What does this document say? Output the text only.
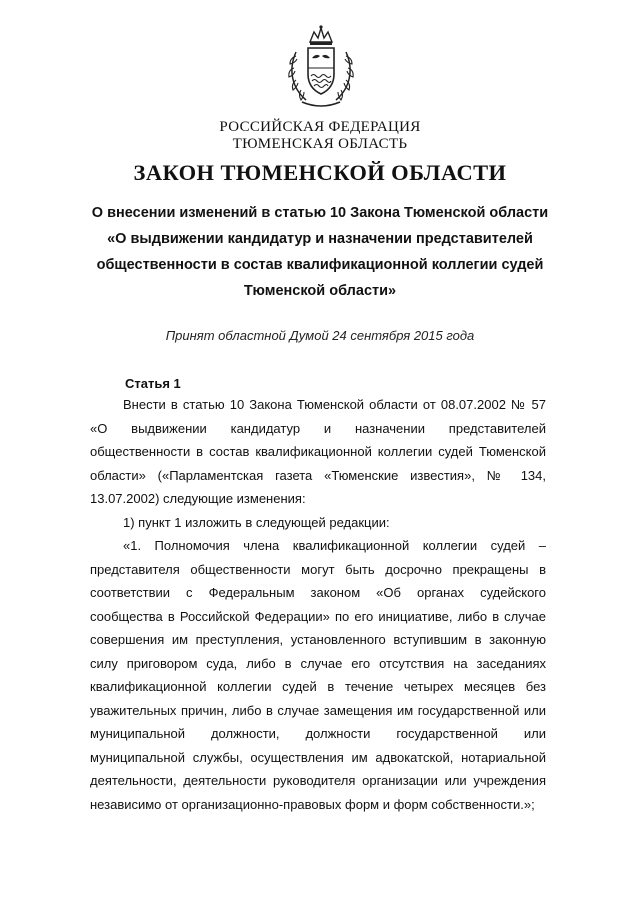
РОССИЙСКАЯ ФЕДЕРАЦИЯ
ТЮМЕНСКАЯ ОБЛАСТЬ
ЗАКОН ТЮМЕНСКОЙ ОБЛАСТИ
О внесении изменений в статью 10 Закона Тюменской области
«О выдвижении кандидатур и назначении представителей
общественности в состав квалификационной коллегии судей
Тюменской области»
Принят областной Думой 24 сентября 2015 года
Статья 1

Внести в статью 10 Закона Тюменской области от 08.07.2002 № 57 «О выдвижении кандидатур и назначении представителей общественности в состав квалификационной коллегии судей Тюменской области» («Парламентская газета «Тюменские известия», № 134, 13.07.2002) следующие изменения:

1) пункт 1 изложить в следующей редакции:

«1. Полномочия члена квалификационной коллегии судей – представителя общественности могут быть досрочно прекращены в соответствии с Федеральным законом «Об органах судейского сообщества в Российской Федерации» по его инициативе, либо в случае совершения им преступления, установленного вступившим в законную силу приговором суда, либо в случае его отсутствия на заседаниях квалификационной коллегии судей в течение четырех месяцев без уважительных причин, либо в случае замещения им государственной или муниципальной должности, должности государственной или муниципальной службы, осуществления им адвокатской, нотариальной деятельности, деятельности руководителя организации или учреждения независимо от организационно-правовых форм и форм собственности.»;
